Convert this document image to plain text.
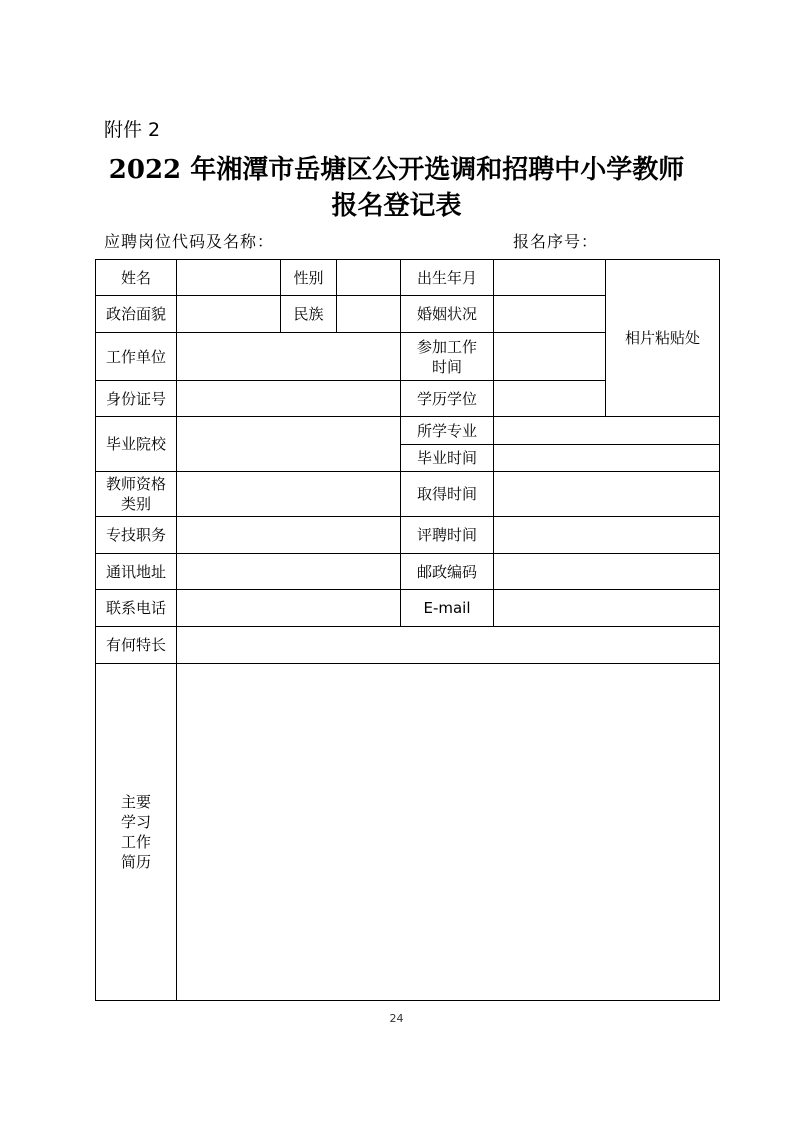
附件 2
2022 年湘潭市岳塘区公开选调和招聘中小学教师
报名登记表
应聘岗位代码及名称：	报名序号：
姓名		性别		出生年月		相片粘贴处
政治面貌		民族		婚姻状况		
工作单位				参加工作
时间		

身份证号				学历学位		
毕业院校				所学专业		
				毕业时间		

教师资格
类别				取得时间		
专技职务				评聘时间		
通讯地址				邮政编码		
联系电话				E-mail		
有何特长						

主要
学习
工作
简历						

24
